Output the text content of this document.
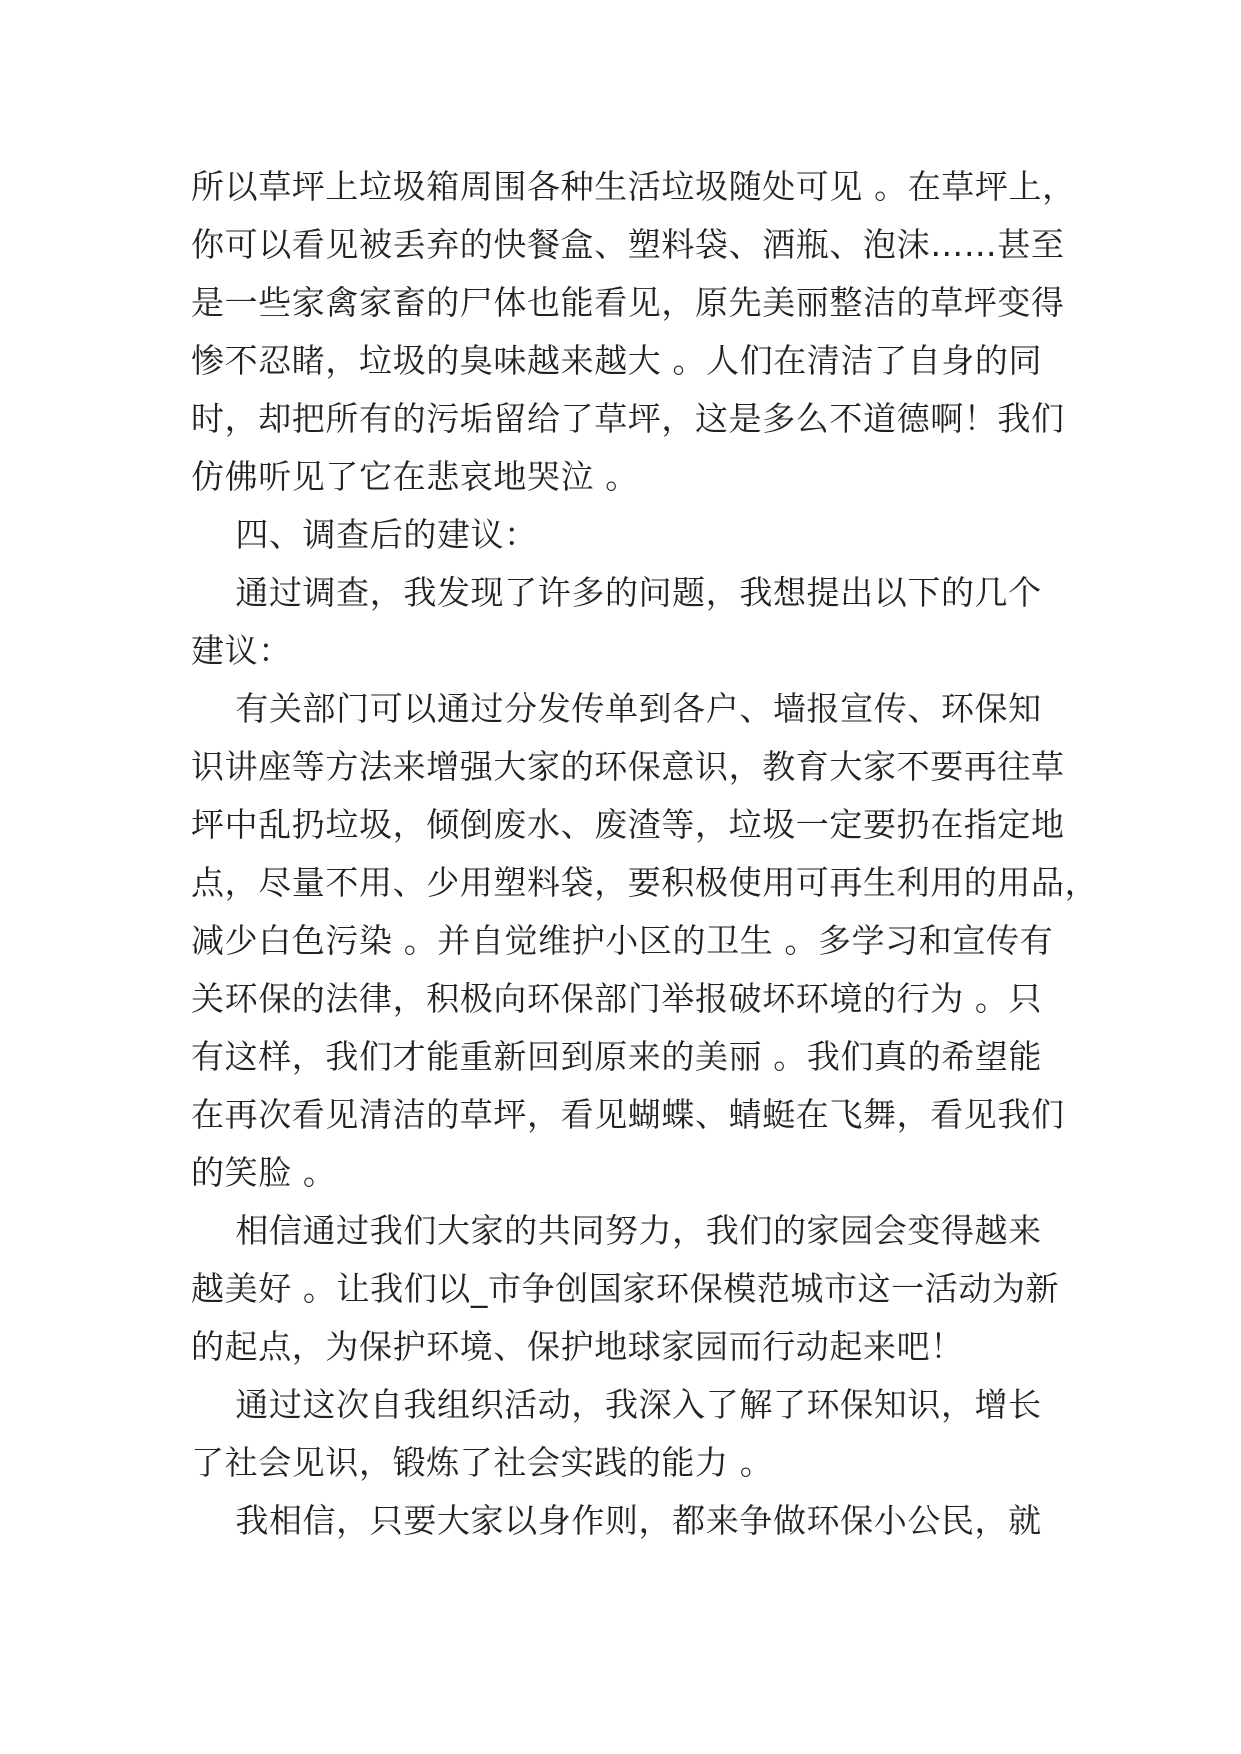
所以草坪上垃圾箱周围各种生活垃圾随处可见 。在草坪上，
你可以看见被丢弃的快餐盒、塑料袋、酒瓶、泡沫……甚至
是一些家禽家畜的尸体也能看见，原先美丽整洁的草坪变得
惨不忍睹，垃圾的臭味越来越大 。人们在清洁了自身的同
时，却把所有的污垢留给了草坪，这是多么不道德啊！我们
仿佛听见了它在悲哀地哭泣 。
四、调查后的建议：
通过调查，我发现了许多的问题，我想提出以下的几个
建议：
有关部门可以通过分发传单到各户、墙报宣传、环保知
识讲座等方法来增强大家的环保意识，教育大家不要再往草
坪中乱扔垃圾，倾倒废水、废渣等，垃圾一定要扔在指定地
点，尽量不用、少用塑料袋，要积极使用可再生利用的用品，
减少白色污染 。并自觉维护小区的卫生 。多学习和宣传有
关环保的法律，积极向环保部门举报破坏环境的行为 。只
有这样，我们才能重新回到原来的美丽 。我们真的希望能
在再次看见清洁的草坪，看见蝴蝶、蜻蜓在飞舞，看见我们
的笑脸 。
相信通过我们大家的共同努力，我们的家园会变得越来
越美好 。让我们以_市争创国家环保模范城市这一活动为新
的起点，为保护环境、保护地球家园而行动起来吧！
通过这次自我组织活动，我深入了解了环保知识，增长
了社会见识，锻炼了社会实践的能力 。
我相信，只要大家以身作则，都来争做环保小公民，就
